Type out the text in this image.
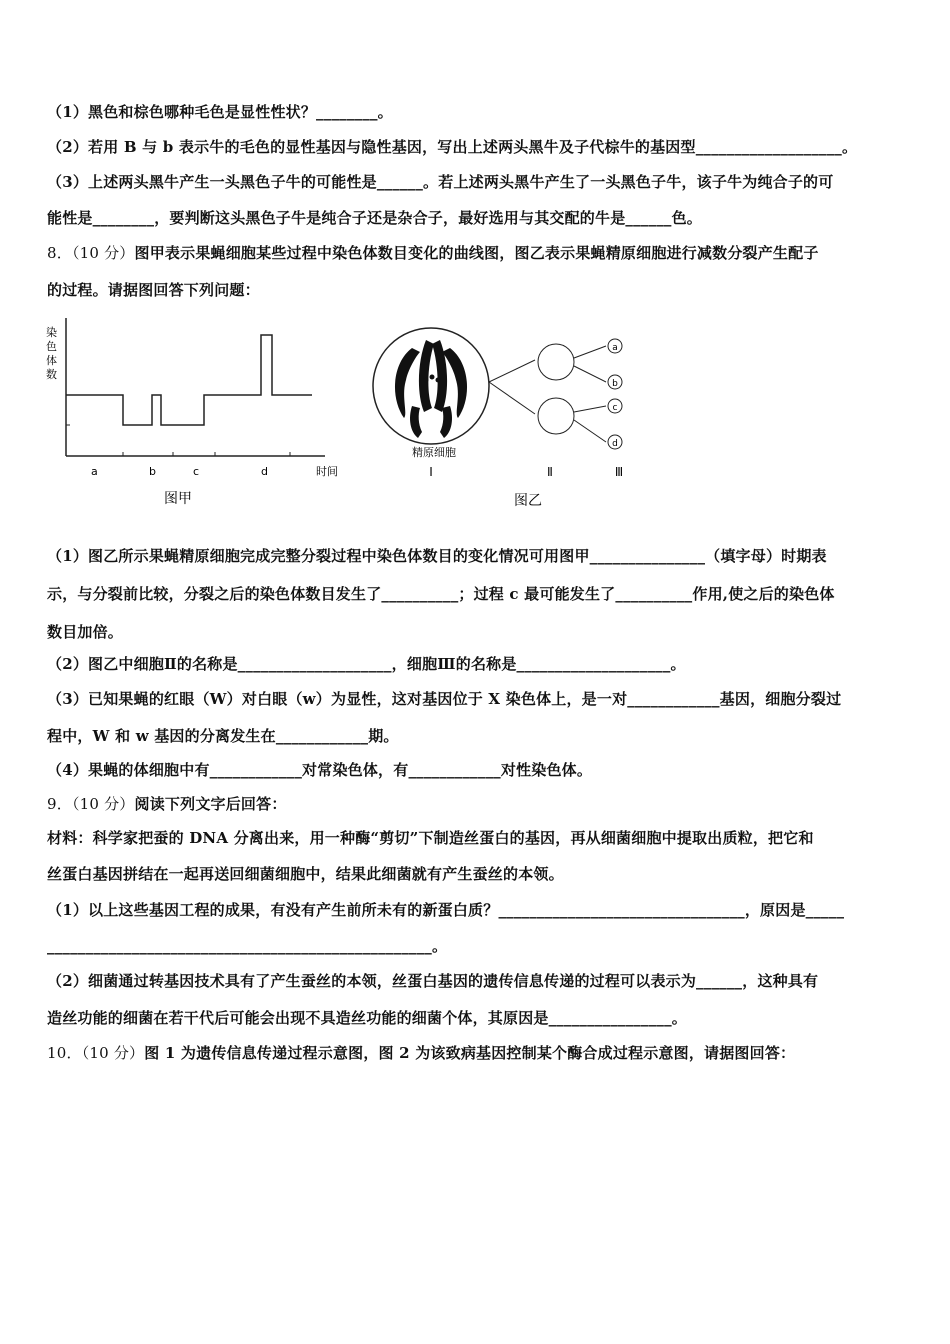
（1）黑色和棕色哪种毛色是显性性状？________。
（2）若用 B 与 b 表示牛的毛色的显性基因与隐性基因，写出上述两头黑牛及子代棕牛的基因型___________________。
（3）上述两头黑牛产生一头黑色子牛的可能性是______。若上述两头黑牛产生了一头黑色子牛，该子牛为纯合子的可
能性是________，要判断这头黑色子牛是纯合子还是杂合子，最好选用与其交配的牛是______色。
8．（10 分）图甲表示果蝇细胞某些过程中染色体数目变化的曲线图，图乙表示果蝇精原细胞进行减数分裂产生配子
的过程。请据图回答下列问题：
染
色
体
数
a	b	c	d	时间
图甲
a
b
c
d
精原细胞
Ⅰ	Ⅱ	Ⅲ
图乙
（1）图乙所示果蝇精原细胞完成完整分裂过程中染色体数目的变化情况可用图甲_______________（填字母）时期表
示，与分裂前比较，分裂之后的染色体数目发生了__________；过程 c 最可能发生了__________作用,使之后的染色体
数目加倍。
（2）图乙中细胞Ⅱ的名称是____________________，细胞Ⅲ的名称是____________________。
（3）已知果蝇的红眼（W）对白眼（w）为显性，这对基因位于 X 染色体上，是一对____________基因，细胞分裂过
程中，W 和 w 基因的分离发生在____________期。
（4）果蝇的体细胞中有____________对常染色体，有____________对性染色体。
9．（10 分）阅读下列文字后回答：
材料：科学家把蚕的 DNA 分离出来，用一种酶“剪切”下制造丝蛋白的基因，再从细菌细胞中提取出质粒，把它和
丝蛋白基因拼结在一起再送回细菌细胞中，结果此细菌就有产生蚕丝的本领。
（1）以上这些基因工程的成果，有没有产生前所未有的新蛋白质？________________________________，原因是_____
__________________________________________________。
（2）细菌通过转基因技术具有了产生蚕丝的本领，丝蛋白基因的遗传信息传递的过程可以表示为______，这种具有
造丝功能的细菌在若干代后可能会出现不具造丝功能的细菌个体，其原因是________________。
10．（10 分）图 1 为遗传信息传递过程示意图，图 2 为该致病基因控制某个酶合成过程示意图，请据图回答：
